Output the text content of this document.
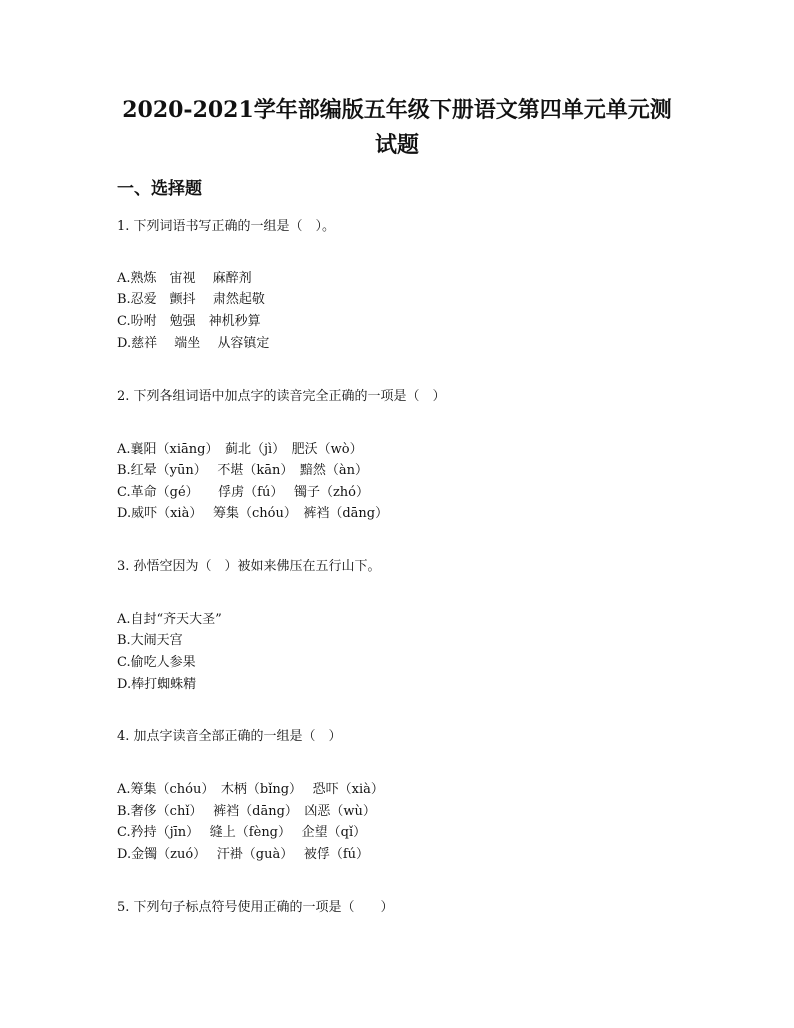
2020-2021学年部编版五年级下册语文第四单元单元测
试题
一、选择题
1. 下列词语书写正确的一组是（　）。
A.熟炼　宙视　 麻醉剂
B.忍爱　颤抖　 肃然起敬
C.吩咐　勉强　神机秒算
D.慈祥　 端坐　 从容镇定
2. 下列各组词语中加点字的读音完全正确的一项是（　）
A.襄阳（xiāng）　蓟北（jì）　肥沃（wò）
B.红晕（yūn）　 不堪（kān）　黯然（àn）
C.革命（gé）　　俘虏（fú）　 镯子（zhó）
D.威吓（xià）　 筹集（chóu）　裤裆（dāng）
3. 孙悟空因为（　）被如来佛压在五行山下。
A.自封“齐天大圣”
B.大闹天宫
C.偷吃人参果
D.棒打蜘蛛精
4. 加点字读音全部正确的一组是（　）
A.筹集（chóu）　木柄（bǐng）　 恐吓（xià）
B.奢侈（chǐ）　 裤裆（dāng）　凶恶（wù）
C.矜持（jīn）　 缝上（fèng）　 企望（qǐ）
D.金镯（zuó）　 汗褂（guà）　 被俘（fú）
5. 下列句子标点符号使用正确的一项是（　　）
